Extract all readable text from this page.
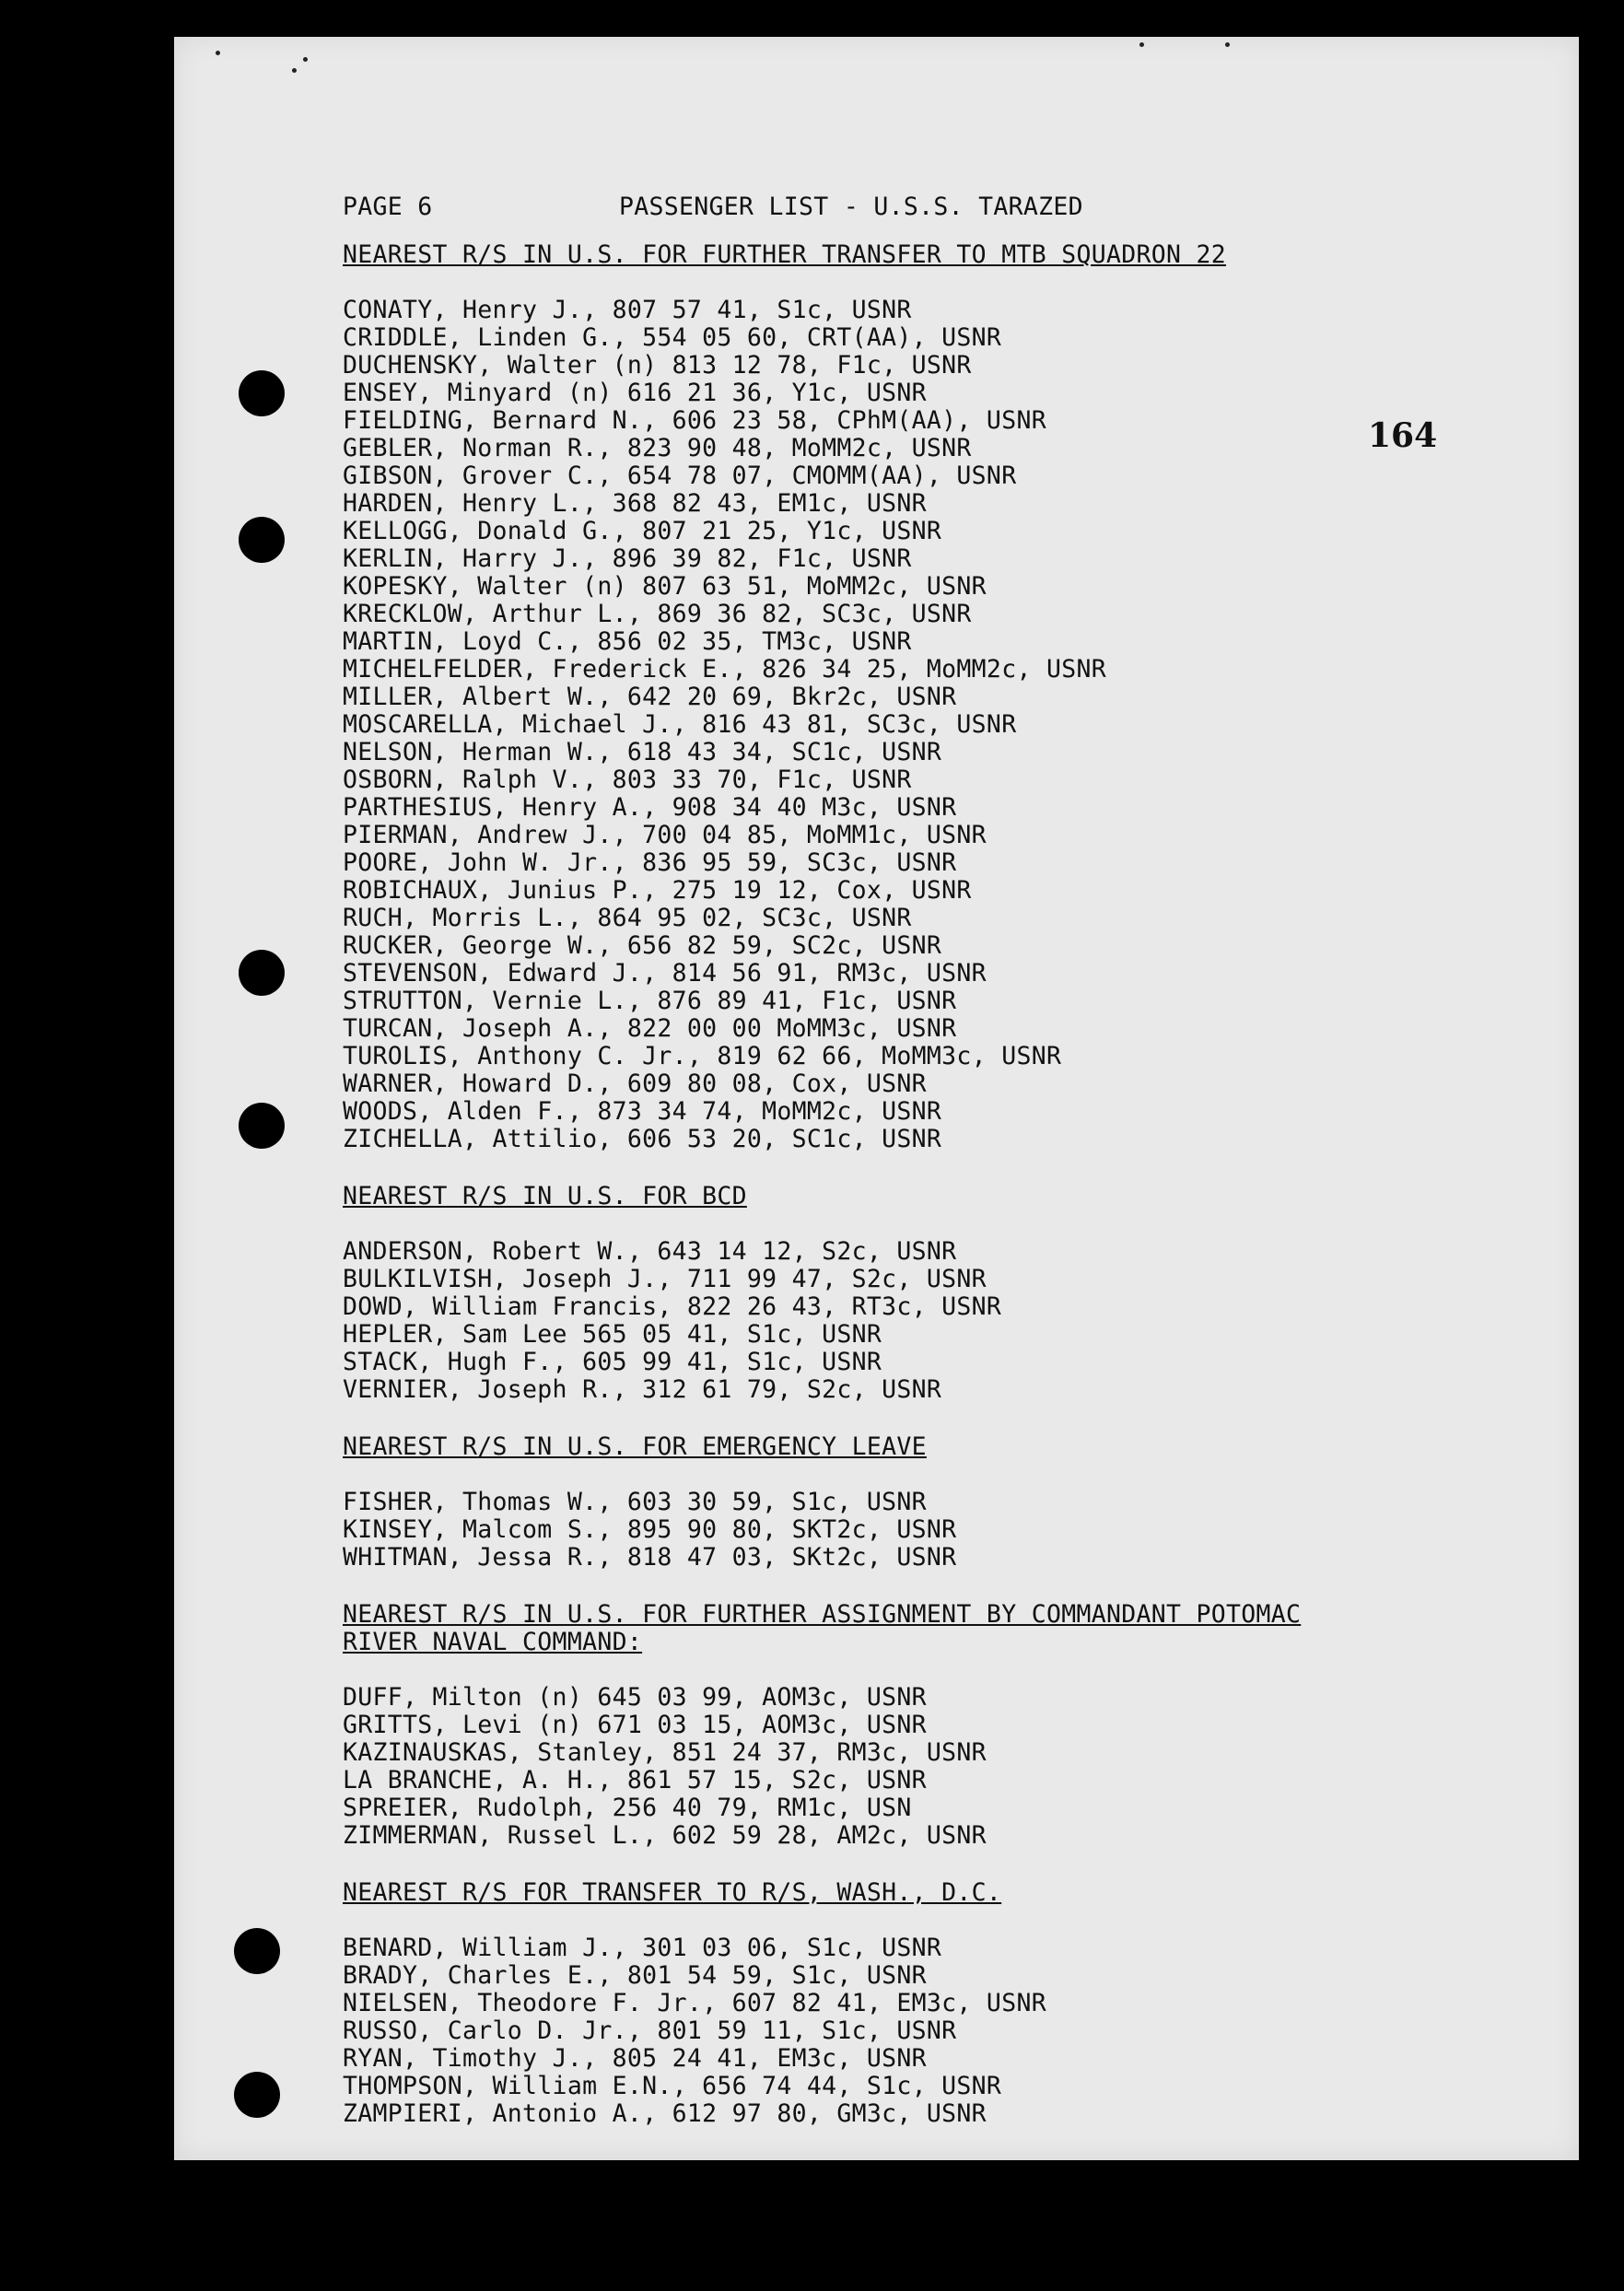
164
PAGE 6	PASSENGER LIST - U.S.S. TARAZED
NEAREST R/S IN U.S. FOR FURTHER TRANSFER TO MTB SQUADRON 22
CONATY, Henry J., 807 57 41, S1c, USNR
CRIDDLE, Linden G., 554 05 60, CRT(AA), USNR
DUCHENSKY, Walter (n) 813 12 78, F1c, USNR
ENSEY, Minyard (n) 616 21 36, Y1c, USNR
FIELDING, Bernard N., 606 23 58, CPhM(AA), USNR
GEBLER, Norman R., 823 90 48, MoMM2c, USNR
GIBSON, Grover C., 654 78 07, CMOMM(AA), USNR
HARDEN, Henry L., 368 82 43, EM1c, USNR
KELLOGG, Donald G., 807 21 25, Y1c, USNR
KERLIN, Harry J., 896 39 82, F1c, USNR
KOPESKY, Walter (n) 807 63 51, MoMM2c, USNR
KRECKLOW, Arthur L., 869 36 82, SC3c, USNR
MARTIN, Loyd C., 856 02 35, TM3c, USNR
MICHELFELDER, Frederick E., 826 34 25, MoMM2c, USNR
MILLER, Albert W., 642 20 69, Bkr2c, USNR
MOSCARELLA, Michael J., 816 43 81, SC3c, USNR
NELSON, Herman W., 618 43 34, SC1c, USNR
OSBORN, Ralph V., 803 33 70, F1c, USNR
PARTHESIUS, Henry A., 908 34 40 M3c, USNR
PIERMAN, Andrew J., 700 04 85, MoMM1c, USNR
POORE, John W. Jr., 836 95 59, SC3c, USNR
ROBICHAUX, Junius P., 275 19 12, Cox, USNR
RUCH, Morris L., 864 95 02, SC3c, USNR
RUCKER, George W., 656 82 59, SC2c, USNR
STEVENSON, Edward J., 814 56 91, RM3c, USNR
STRUTTON, Vernie L., 876 89 41, F1c, USNR
TURCAN, Joseph A., 822 00 00 MoMM3c, USNR
TUROLIS, Anthony C. Jr., 819 62 66, MoMM3c, USNR
WARNER, Howard D., 609 80 08, Cox, USNR
WOODS, Alden F., 873 34 74, MoMM2c, USNR
ZICHELLA, Attilio, 606 53 20, SC1c, USNR
NEAREST R/S IN U.S. FOR BCD
ANDERSON, Robert W., 643 14 12, S2c, USNR
BULKILVISH, Joseph J., 711 99 47, S2c, USNR
DOWD, William Francis, 822 26 43, RT3c, USNR
HEPLER, Sam Lee 565 05 41, S1c, USNR
STACK, Hugh F., 605 99 41, S1c, USNR
VERNIER, Joseph R., 312 61 79, S2c, USNR
NEAREST R/S IN U.S. FOR EMERGENCY LEAVE
FISHER, Thomas W., 603 30 59, S1c, USNR
KINSEY, Malcom S., 895 90 80, SKT2c, USNR
WHITMAN, Jessa R., 818 47 03, SKt2c, USNR
NEAREST R/S IN U.S. FOR FURTHER ASSIGNMENT BY COMMANDANT POTOMAC
RIVER NAVAL COMMAND:
DUFF, Milton (n) 645 03 99, AOM3c, USNR
GRITTS, Levi (n) 671 03 15, AOM3c, USNR
KAZINAUSKAS, Stanley, 851 24 37, RM3c, USNR
LA BRANCHE, A. H., 861 57 15, S2c, USNR
SPREIER, Rudolph, 256 40 79, RM1c, USN
ZIMMERMAN, Russel L., 602 59 28, AM2c, USNR
NEAREST R/S FOR TRANSFER TO R/S, WASH., D.C.
BENARD, William J., 301 03 06, S1c, USNR
BRADY, Charles E., 801 54 59, S1c, USNR
NIELSEN, Theodore F. Jr., 607 82 41, EM3c, USNR
RUSSO, Carlo D. Jr., 801 59 11, S1c, USNR
RYAN, Timothy J., 805 24 41, EM3c, USNR
THOMPSON, William E.N., 656 74 44, S1c, USNR
ZAMPIERI, Antonio A., 612 97 80, GM3c, USNR
